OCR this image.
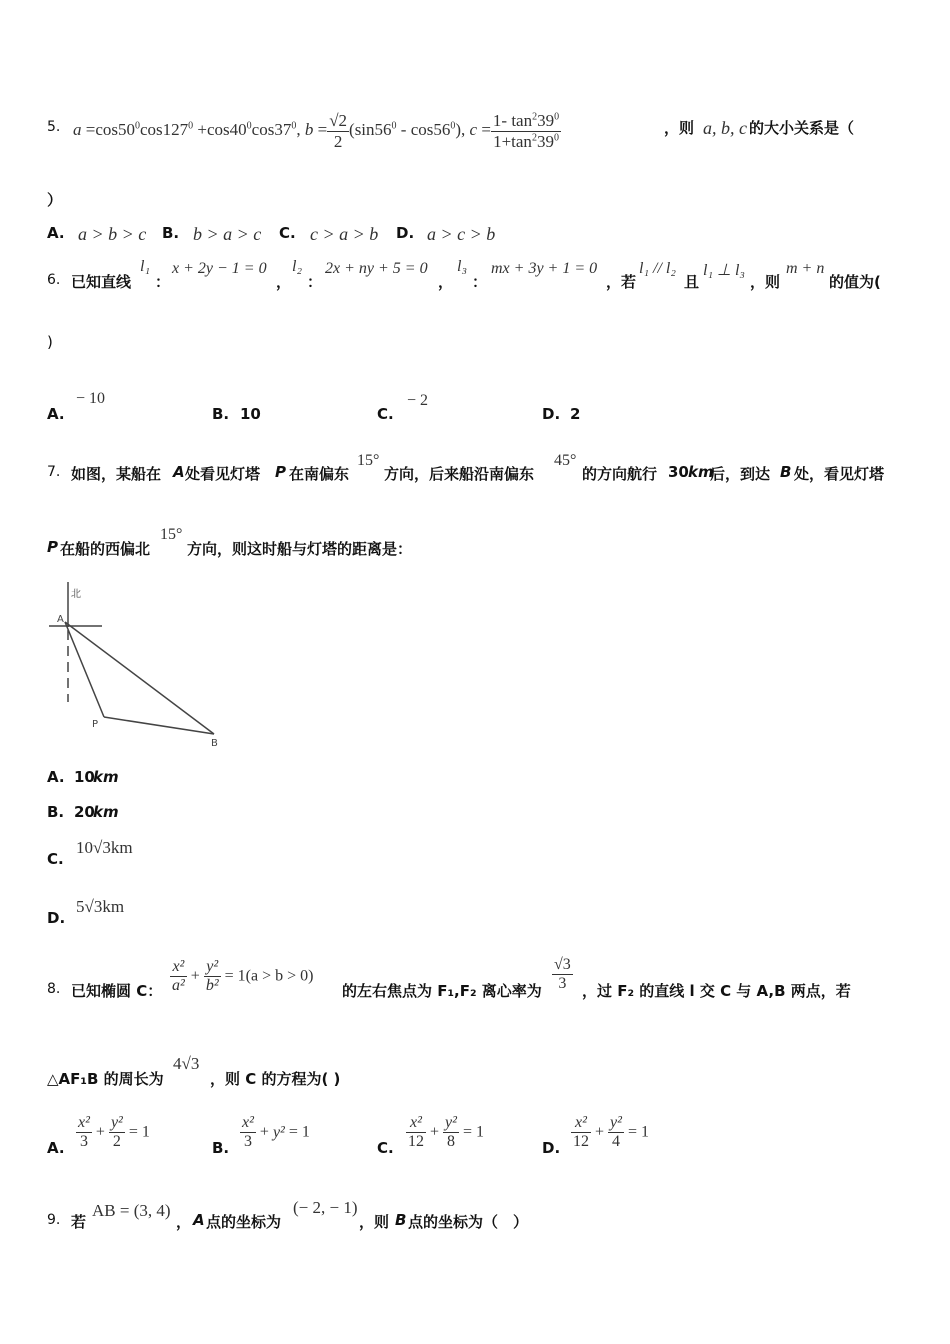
5. $a =\cos 50^0\cos 127^0 +\cos 40^0\cos 37^0$, $b = \frac{√2}{2} (\sin 56^0 - \cos 56^0)$, $c = \frac{1- \tan^239^0}{1+\tan^239^0}$	，则 a, b, c 的大小关系是（
）
A. a > b > c B. b > a > c C. c > a > b D. a > c > b
6. 已知直线
l₁
：
x + 2y − 1 = 0
，
l₂
：
2x + ny + 5 = 0
，
l₃
：
mx + 3y + 1 = 0
，若
l₁ // l₂
且
l₁ ⊥ l₃
，则
m + n
的值为(
)
A.
− 10
B. 10	C.
− 2
D. 2
7. 如图，某船在 A 处看见灯塔 P 在南偏东
15°
方向，后来船沿南偏东
45°
的方向航行 30 km
后，到达 B 处，看见灯塔
P 在船的西偏北
15°
方向，则这时船与灯塔的距离是：
北
A
P
B
A. 10
km
B. 20
km
C.
10√3km
D.
5√3km
8. 已知椭圆 C： $\frac{\text{x²}}{\text{a²}} + \frac{\text{y²}}{\text{b²}} = 1(a > b > 0)$
的左右焦点为 F₁,F₂ 离心率为 $\frac{√3}{3}$ ，过 F₂ 的直线 l 交 C 与 A,B 两点，若
△AF₁B 的周长为
4√3
，则 C 的方程为( )
A. $\frac{\text{x²}}{3} + \frac{\text{y²}}{2} = 1$
B. $\frac{\text{x²}}{3} + y^2 = 1$
C. $\frac{\text{x²}}{12} + \frac{\text{y²}}{8} = 1$
D. $\frac{\text{x²}}{12} + \frac{\text{y²}}{4} = 1$
9. 若
AB = (3, 4)
， A 点的坐标为
(− 2, − 1)
，则 B 点的坐标为（　）
